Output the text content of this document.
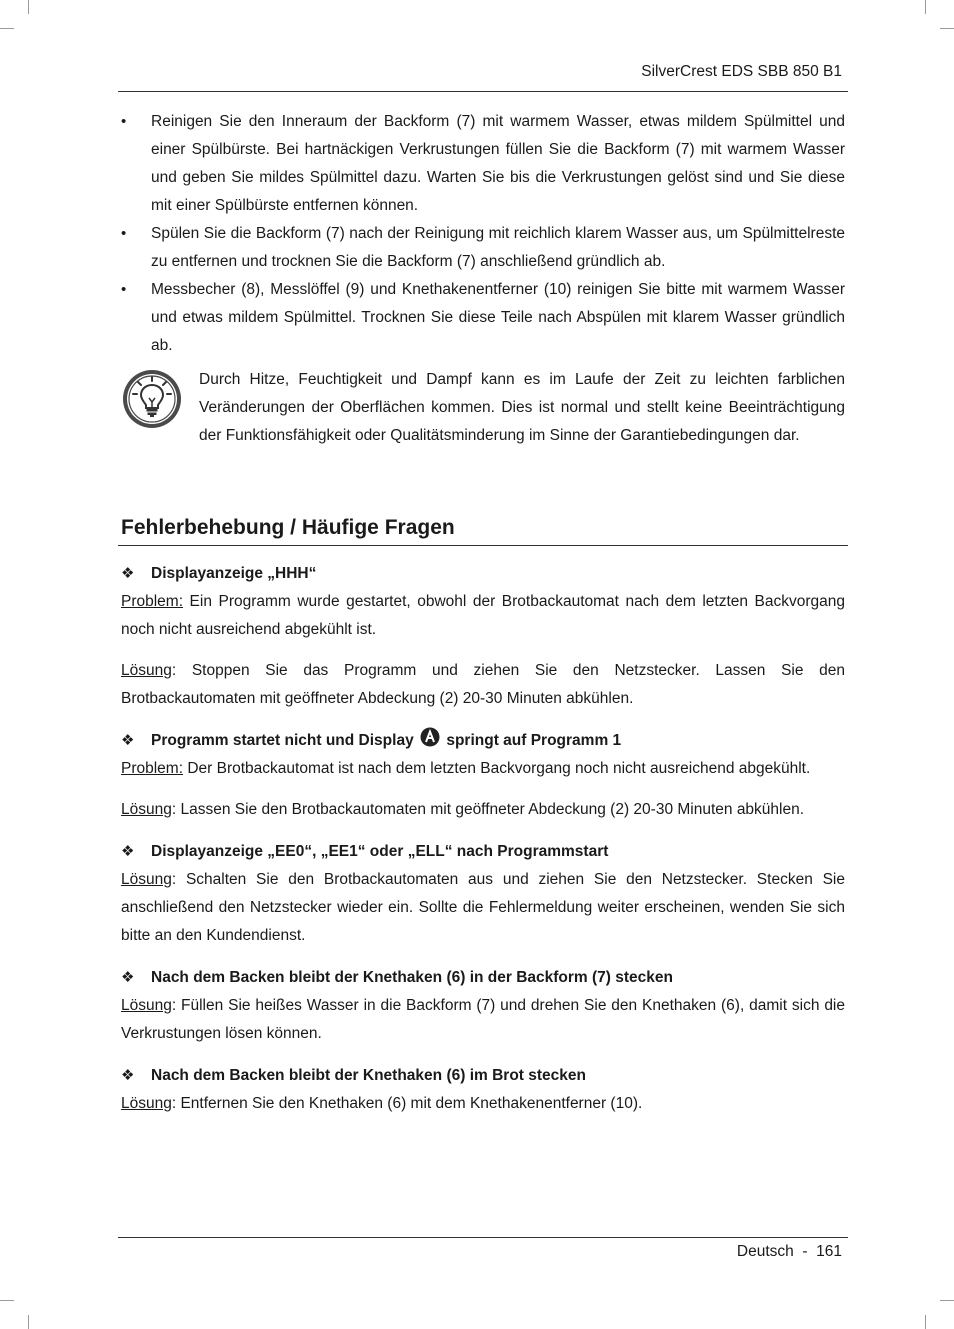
SilverCrest EDS SBB 850 B1
• Reinigen Sie den Inneraum der Backform (7) mit warmem Wasser, etwas mildem Spülmittel und einer Spülbürste. Bei hartnäckigen Verkrustungen füllen Sie die Backform (7) mit warmem Wasser und geben Sie mildes Spülmittel dazu. Warten Sie bis die Verkrustungen gelöst sind und Sie diese mit einer Spülbürste entfernen können.
• Spülen Sie die Backform (7) nach der Reinigung mit reichlich klarem Wasser aus, um Spülmittelreste zu entfernen und trocknen Sie die Backform (7) anschließend gründlich ab.
• Messbecher (8), Messlöffel (9) und Knethakenentferner (10) reinigen Sie bitte mit warmem Wasser und etwas mildem Spülmittel. Trocknen Sie diese Teile nach Abspülen mit klarem Wasser gründlich ab.
Durch Hitze, Feuchtigkeit und Dampf kann es im Laufe der Zeit zu leichten farblichen Veränderungen der Oberflächen kommen. Dies ist normal und stellt keine Beeinträchtigung der Funktionsfähigkeit oder Qualitätsminderung im Sinne der Garantiebedingungen dar.
Fehlerbehebung / Häufige Fragen
❖ Displayanzeige „HHH“
Problem: Ein Programm wurde gestartet, obwohl der Brotbackautomat nach dem letzten Backvorgang noch nicht ausreichend abgekühlt ist.
Lösung: Stoppen Sie das Programm und ziehen Sie den Netzstecker. Lassen Sie den Brotbackautomaten mit geöffneter Abdeckung (2) 20-30 Minuten abkühlen.
❖ Programm startet nicht und Display springt auf Programm 1
Problem: Der Brotbackautomat ist nach dem letzten Backvorgang noch nicht ausreichend abgekühlt.
Lösung: Lassen Sie den Brotbackautomaten mit geöffneter Abdeckung (2) 20-30 Minuten abkühlen.
❖ Displayanzeige „EE0“, „EE1“ oder „ELL“ nach Programmstart
Lösung: Schalten Sie den Brotbackautomaten aus und ziehen Sie den Netzstecker. Stecken Sie anschließend den Netzstecker wieder ein. Sollte die Fehlermeldung weiter erscheinen, wenden Sie sich bitte an den Kundendienst.
❖ Nach dem Backen bleibt der Knethaken (6) in der Backform (7) stecken
Lösung: Füllen Sie heißes Wasser in die Backform (7) und drehen Sie den Knethaken (6), damit sich die Verkrustungen lösen können.
❖ Nach dem Backen bleibt der Knethaken (6) im Brot stecken
Lösung: Entfernen Sie den Knethaken (6) mit dem Knethakenentferner (10).
Deutsch  -  161
